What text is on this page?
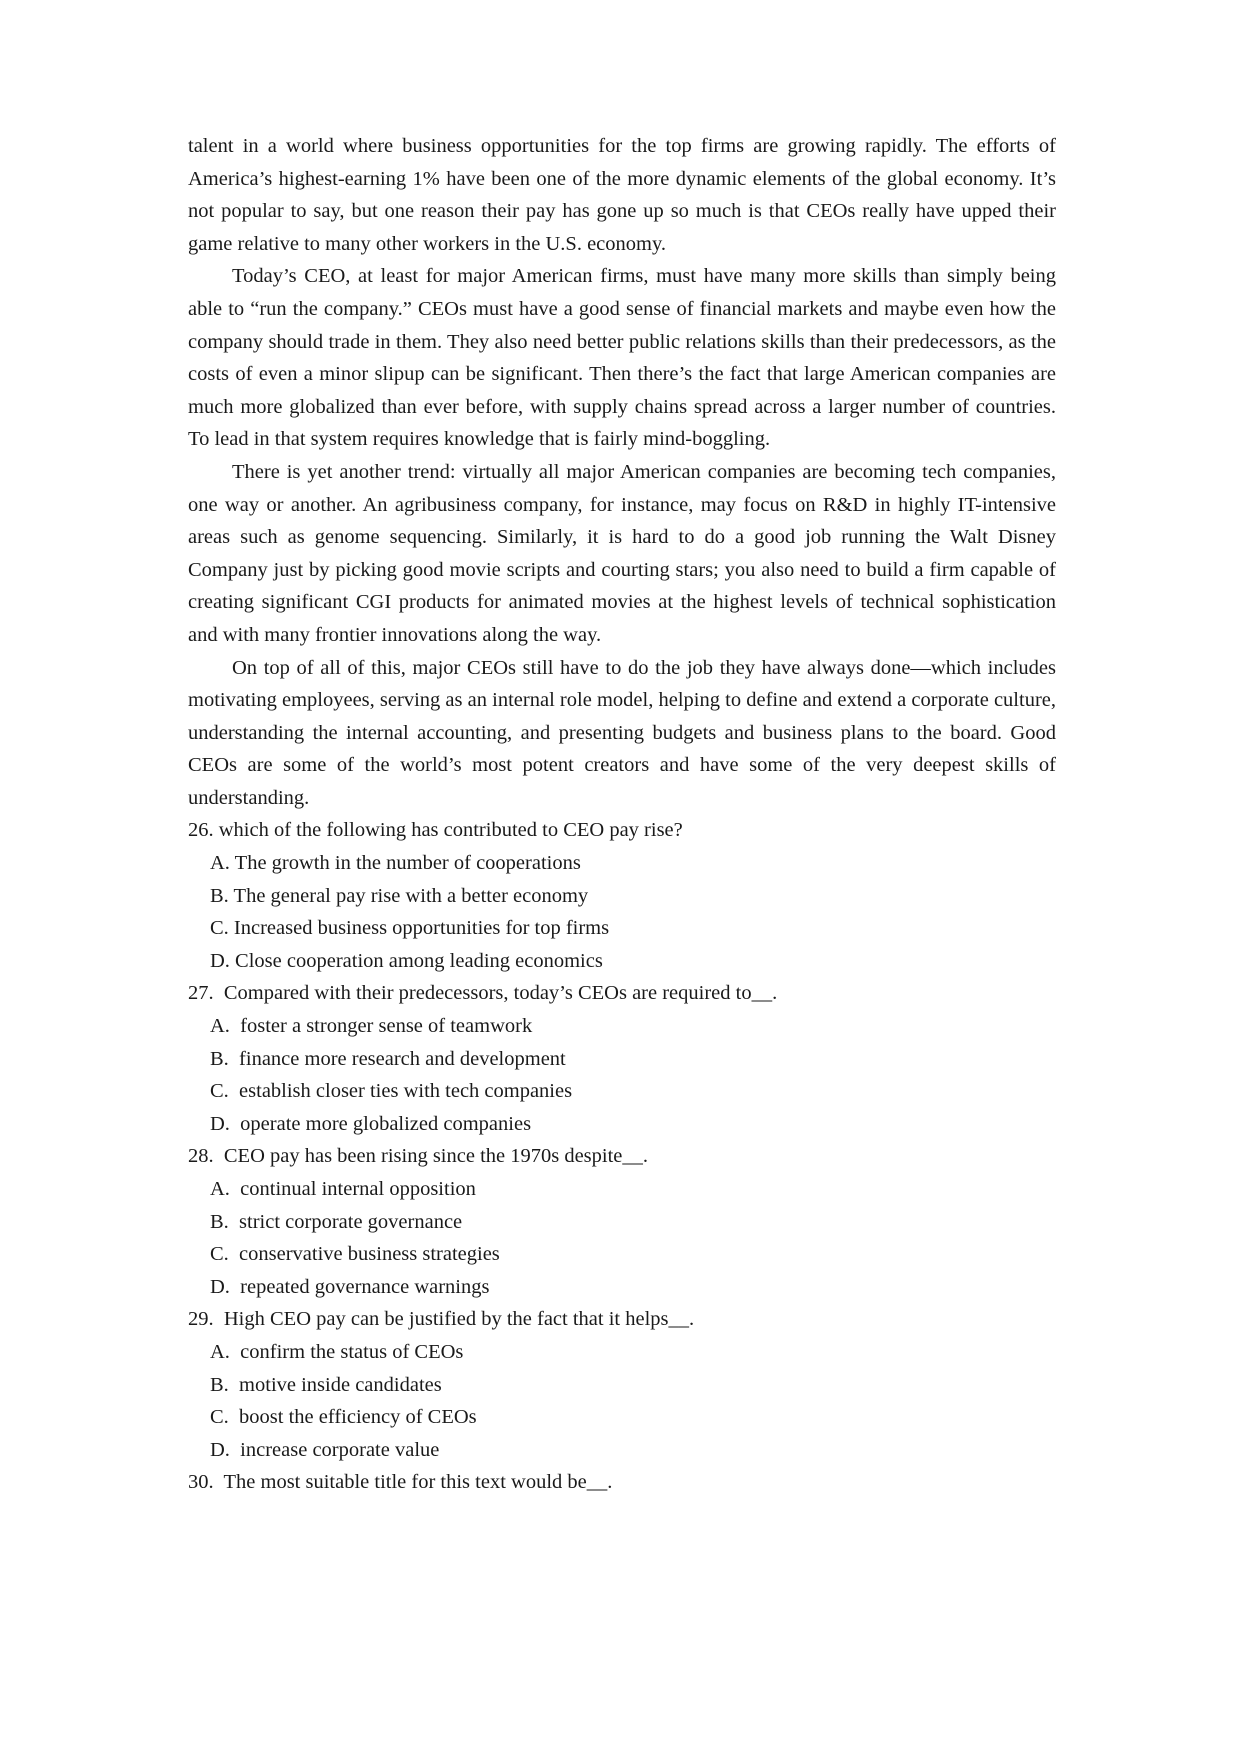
talent in a world where business opportunities for the top firms are growing rapidly. The efforts of America’s highest-earning 1% have been one of the more dynamic elements of the global economy. It’s not popular to say, but one reason their pay has gone up so much is that CEOs really have upped their game relative to many other workers in the U.S. economy.

Today’s CEO, at least for major American firms, must have many more skills than simply being able to “run the company.” CEOs must have a good sense of financial markets and maybe even how the company should trade in them. They also need better public relations skills than their predecessors, as the costs of even a minor slipup can be significant. Then there’s the fact that large American companies are much more globalized than ever before, with supply chains spread across a larger number of countries. To lead in that system requires knowledge that is fairly mind-boggling.

There is yet another trend: virtually all major American companies are becoming tech companies, one way or another. An agribusiness company, for instance, may focus on R&D in highly IT-intensive areas such as genome sequencing. Similarly, it is hard to do a good job running the Walt Disney Company just by picking good movie scripts and courting stars; you also need to build a firm capable of creating significant CGI products for animated movies at the highest levels of technical sophistication and with many frontier innovations along the way.

On top of all of this, major CEOs still have to do the job they have always done—which includes motivating employees, serving as an internal role model, helping to define and extend a corporate culture, understanding the internal accounting, and presenting budgets and business plans to the board. Good CEOs are some of the world’s most potent creators and have some of the very deepest skills of understanding.

26. which of the following has contributed to CEO pay rise?

A. The growth in the number of cooperations

B. The general pay rise with a better economy

C. Increased business opportunities for top firms

D. Close cooperation among leading economics

27.  Compared with their predecessors, today’s CEOs are required to__.

A.  foster a stronger sense of teamwork

B.  finance more research and development

C.  establish closer ties with tech companies

D.  operate more globalized companies

28.  CEO pay has been rising since the 1970s despite__.

A.  continual internal opposition

B.  strict corporate governance

C.  conservative business strategies

D.  repeated governance warnings

29.  High CEO pay can be justified by the fact that it helps__.

A.  confirm the status of CEOs

B.  motive inside candidates

C.  boost the efficiency of CEOs

D.  increase corporate value

30.  The most suitable title for this text would be__.
